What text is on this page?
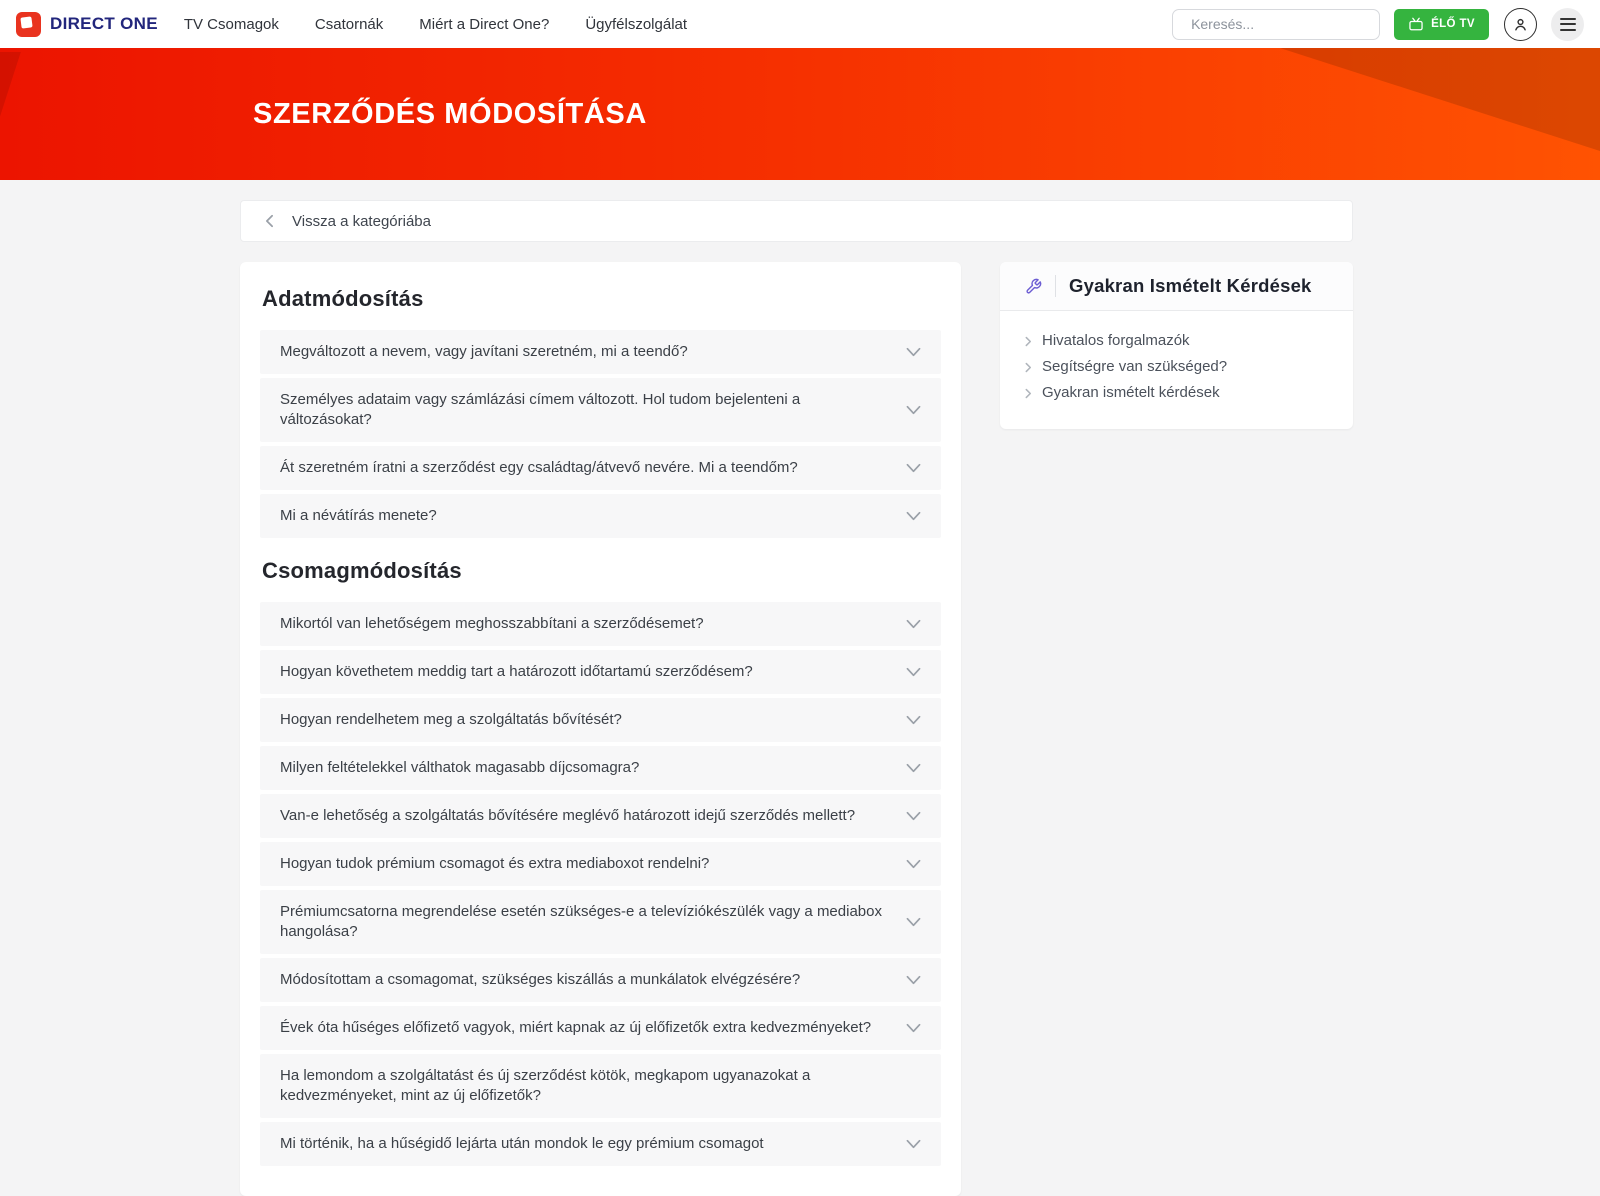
DIRECT ONE TV Csomagok Csatornák Miért a Direct One? Ügyfélszolgálat
Keresés...	ÉLŐ TV
SZERZŐDÉS MÓDOSÍTÁSA
Vissza a kategóriába
Adatmódosítás
Megváltozott a nevem, vagy javítani szeretném, mi a teendő?
Személyes adataim vagy számlázási címem változott. Hol tudom bejelenteni a változásokat?
Át szeretném íratni a szerződést egy családtag/átvevő nevére. Mi a teendőm?
Mi a névátírás menete?
Csomagmódosítás
Mikortól van lehetőségem meghosszabbítani a szerződésemet?
Hogyan követhetem meddig tart a határozott időtartamú szerződésem?
Hogyan rendelhetem meg a szolgáltatás bővítését?
Milyen feltételekkel válthatok magasabb díjcsomagra?
Van-e lehetőség a szolgáltatás bővítésére meglévő határozott idejű szerződés mellett?
Hogyan tudok prémium csomagot és extra mediaboxot rendelni?
Prémiumcsatorna megrendelése esetén szükséges-e a televíziókészülék vagy a mediabox hangolása?
Módosítottam a csomagomat, szükséges kiszállás a munkálatok elvégzésére?
Évek óta hűséges előfizető vagyok, miért kapnak az új előfizetők extra kedvezményeket?
Ha lemondom a szolgáltatást és új szerződést kötök, megkapom ugyanazokat a kedvezményeket, mint az új előfizetők?
Mi történik, ha a hűségidő lejárta után mondok le egy prémium csomagot
Gyakran Ismételt Kérdések
Hivatalos forgalmazók
Segítségre van szükséged?
Gyakran ismételt kérdések
